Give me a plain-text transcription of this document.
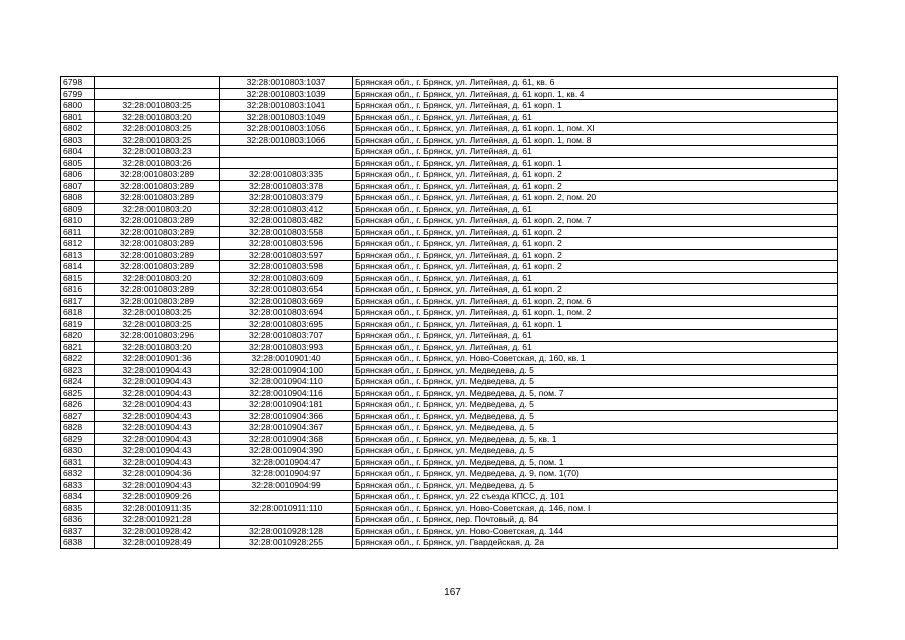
6798		32:28:0010803:1037	Брянская обл., г. Брянск, ул. Литейная, д. 61, кв. 6
6799		32:28:0010803:1039	Брянская обл., г. Брянск, ул. Литейная, д. 61 корп. 1, кв. 4
6800	32:28:0010803:25	32:28:0010803:1041	Брянская обл., г. Брянск, ул. Литейная, д. 61 корп. 1
6801	32:28:0010803:20	32:28:0010803:1049	Брянская обл., г. Брянск, ул. Литейная, д. 61
6802	32:28:0010803:25	32:28:0010803:1056	Брянская обл., г. Брянск, ул. Литейная, д. 61 корп. 1, пом. XI
6803	32:28:0010803:25	32:28:0010803:1066	Брянская обл., г. Брянск, ул. Литейная, д. 61 корп. 1, пом. 8
6804	32:28:0010803:23		Брянская обл., г. Брянск, ул. Литейная, д. 61
6805	32:28:0010803:26		Брянская обл., г. Брянск, ул. Литейная, д. 61 корп. 1
6806	32:28:0010803:289	32:28:0010803:335	Брянская обл., г. Брянск, ул. Литейная, д. 61 корп. 2
6807	32:28:0010803:289	32:28:0010803:378	Брянская обл., г. Брянск, ул. Литейная, д. 61 корп. 2
6808	32:28:0010803:289	32:28:0010803:379	Брянская обл., г. Брянск, ул. Литейная, д. 61 корп. 2, пом. 20
6809	32:28:0010803:20	32:28:0010803:412	Брянская обл., г. Брянск, ул. Литейная, д. 61
6810	32:28:0010803:289	32:28:0010803:482	Брянская обл., г. Брянск, ул. Литейная, д. 61 корп. 2, пом. 7
6811	32:28:0010803:289	32:28:0010803:558	Брянская обл., г. Брянск, ул. Литейная, д. 61 корп. 2
6812	32:28:0010803:289	32:28:0010803:596	Брянская обл., г. Брянск, ул. Литейная, д. 61 корп. 2
6813	32:28:0010803:289	32:28:0010803:597	Брянская обл., г. Брянск, ул. Литейная, д. 61 корп. 2
6814	32:28:0010803:289	32:28:0010803:598	Брянская обл., г. Брянск, ул. Литейная, д. 61 корп. 2
6815	32:28:0010803:20	32:28:0010803:609	Брянская обл., г. Брянск, ул. Литейная, д. 61
6816	32:28:0010803:289	32:28:0010803:654	Брянская обл., г. Брянск, ул. Литейная, д. 61 корп. 2
6817	32:28:0010803:289	32:28:0010803:669	Брянская обл., г. Брянск, ул. Литейная, д. 61 корп. 2, пом. 6
6818	32:28:0010803:25	32:28:0010803:694	Брянская обл., г. Брянск, ул. Литейная, д. 61 корп. 1, пом. 2
6819	32:28:0010803:25	32:28:0010803:695	Брянская обл., г. Брянск, ул. Литейная, д. 61 корп. 1
6820	32:28:0010803:296	32:28:0010803:707	Брянская обл., г. Брянск, ул. Литейная, д. 61
6821	32:28:0010803:20	32:28:0010803:993	Брянская обл., г. Брянск, ул. Литейная, д. 61
6822	32:28:0010901:36	32:28:0010901:40	Брянская обл., г. Брянск, ул. Ново-Советская, д. 160, кв. 1
6823	32:28:0010904:43	32:28:0010904:100	Брянская обл., г. Брянск, ул. Медведева, д. 5
6824	32:28:0010904:43	32:28:0010904:110	Брянская обл., г. Брянск, ул. Медведева, д. 5
6825	32:28:0010904:43	32:28:0010904:116	Брянская обл., г. Брянск, ул. Медведева, д. 5, пом. 7
6826	32:28:0010904:43	32:28:0010904:181	Брянская обл., г. Брянск, ул. Медведева, д. 5
6827	32:28:0010904:43	32:28:0010904:366	Брянская обл., г. Брянск, ул. Медведева, д. 5
6828	32:28:0010904:43	32:28:0010904:367	Брянская обл., г. Брянск, ул. Медведева, д. 5
6829	32:28:0010904:43	32:28:0010904:368	Брянская обл., г. Брянск, ул. Медведева, д. 5, кв. 1
6830	32:28:0010904:43	32:28:0010904:390	Брянская обл., г. Брянск, ул. Медведева, д. 5
6831	32:28:0010904:43	32:28:0010904:47	Брянская обл., г. Брянск, ул. Медведева, д. 5, пом. 1
6832	32:28:0010904:36	32:28:0010904:97	Брянская обл., г. Брянск, ул. Медведева, д. 9, пом. 1(70)
6833	32:28:0010904:43	32:28:0010904:99	Брянская обл., г. Брянск, ул. Медведева, д. 5
6834	32:28:0010909:26		Брянская обл., г. Брянск, ул. 22 съезда КПСС, д. 101
6835	32:28:0010911:35	32:28:0010911:110	Брянская обл., г. Брянск, ул. Ново-Советская, д. 146, пом. I
6836	32:28:0010921:28		Брянская обл., г. Брянск, пер. Почтовый, д. 84
6837	32:28:0010928:42	32:28:0010928:128	Брянская обл., г. Брянск, ул. Ново-Советская, д. 144
6838	32:28:0010928:49	32:28:0010928:255	Брянская обл., г. Брянск, ул. Гвардейская, д. 2а
167
